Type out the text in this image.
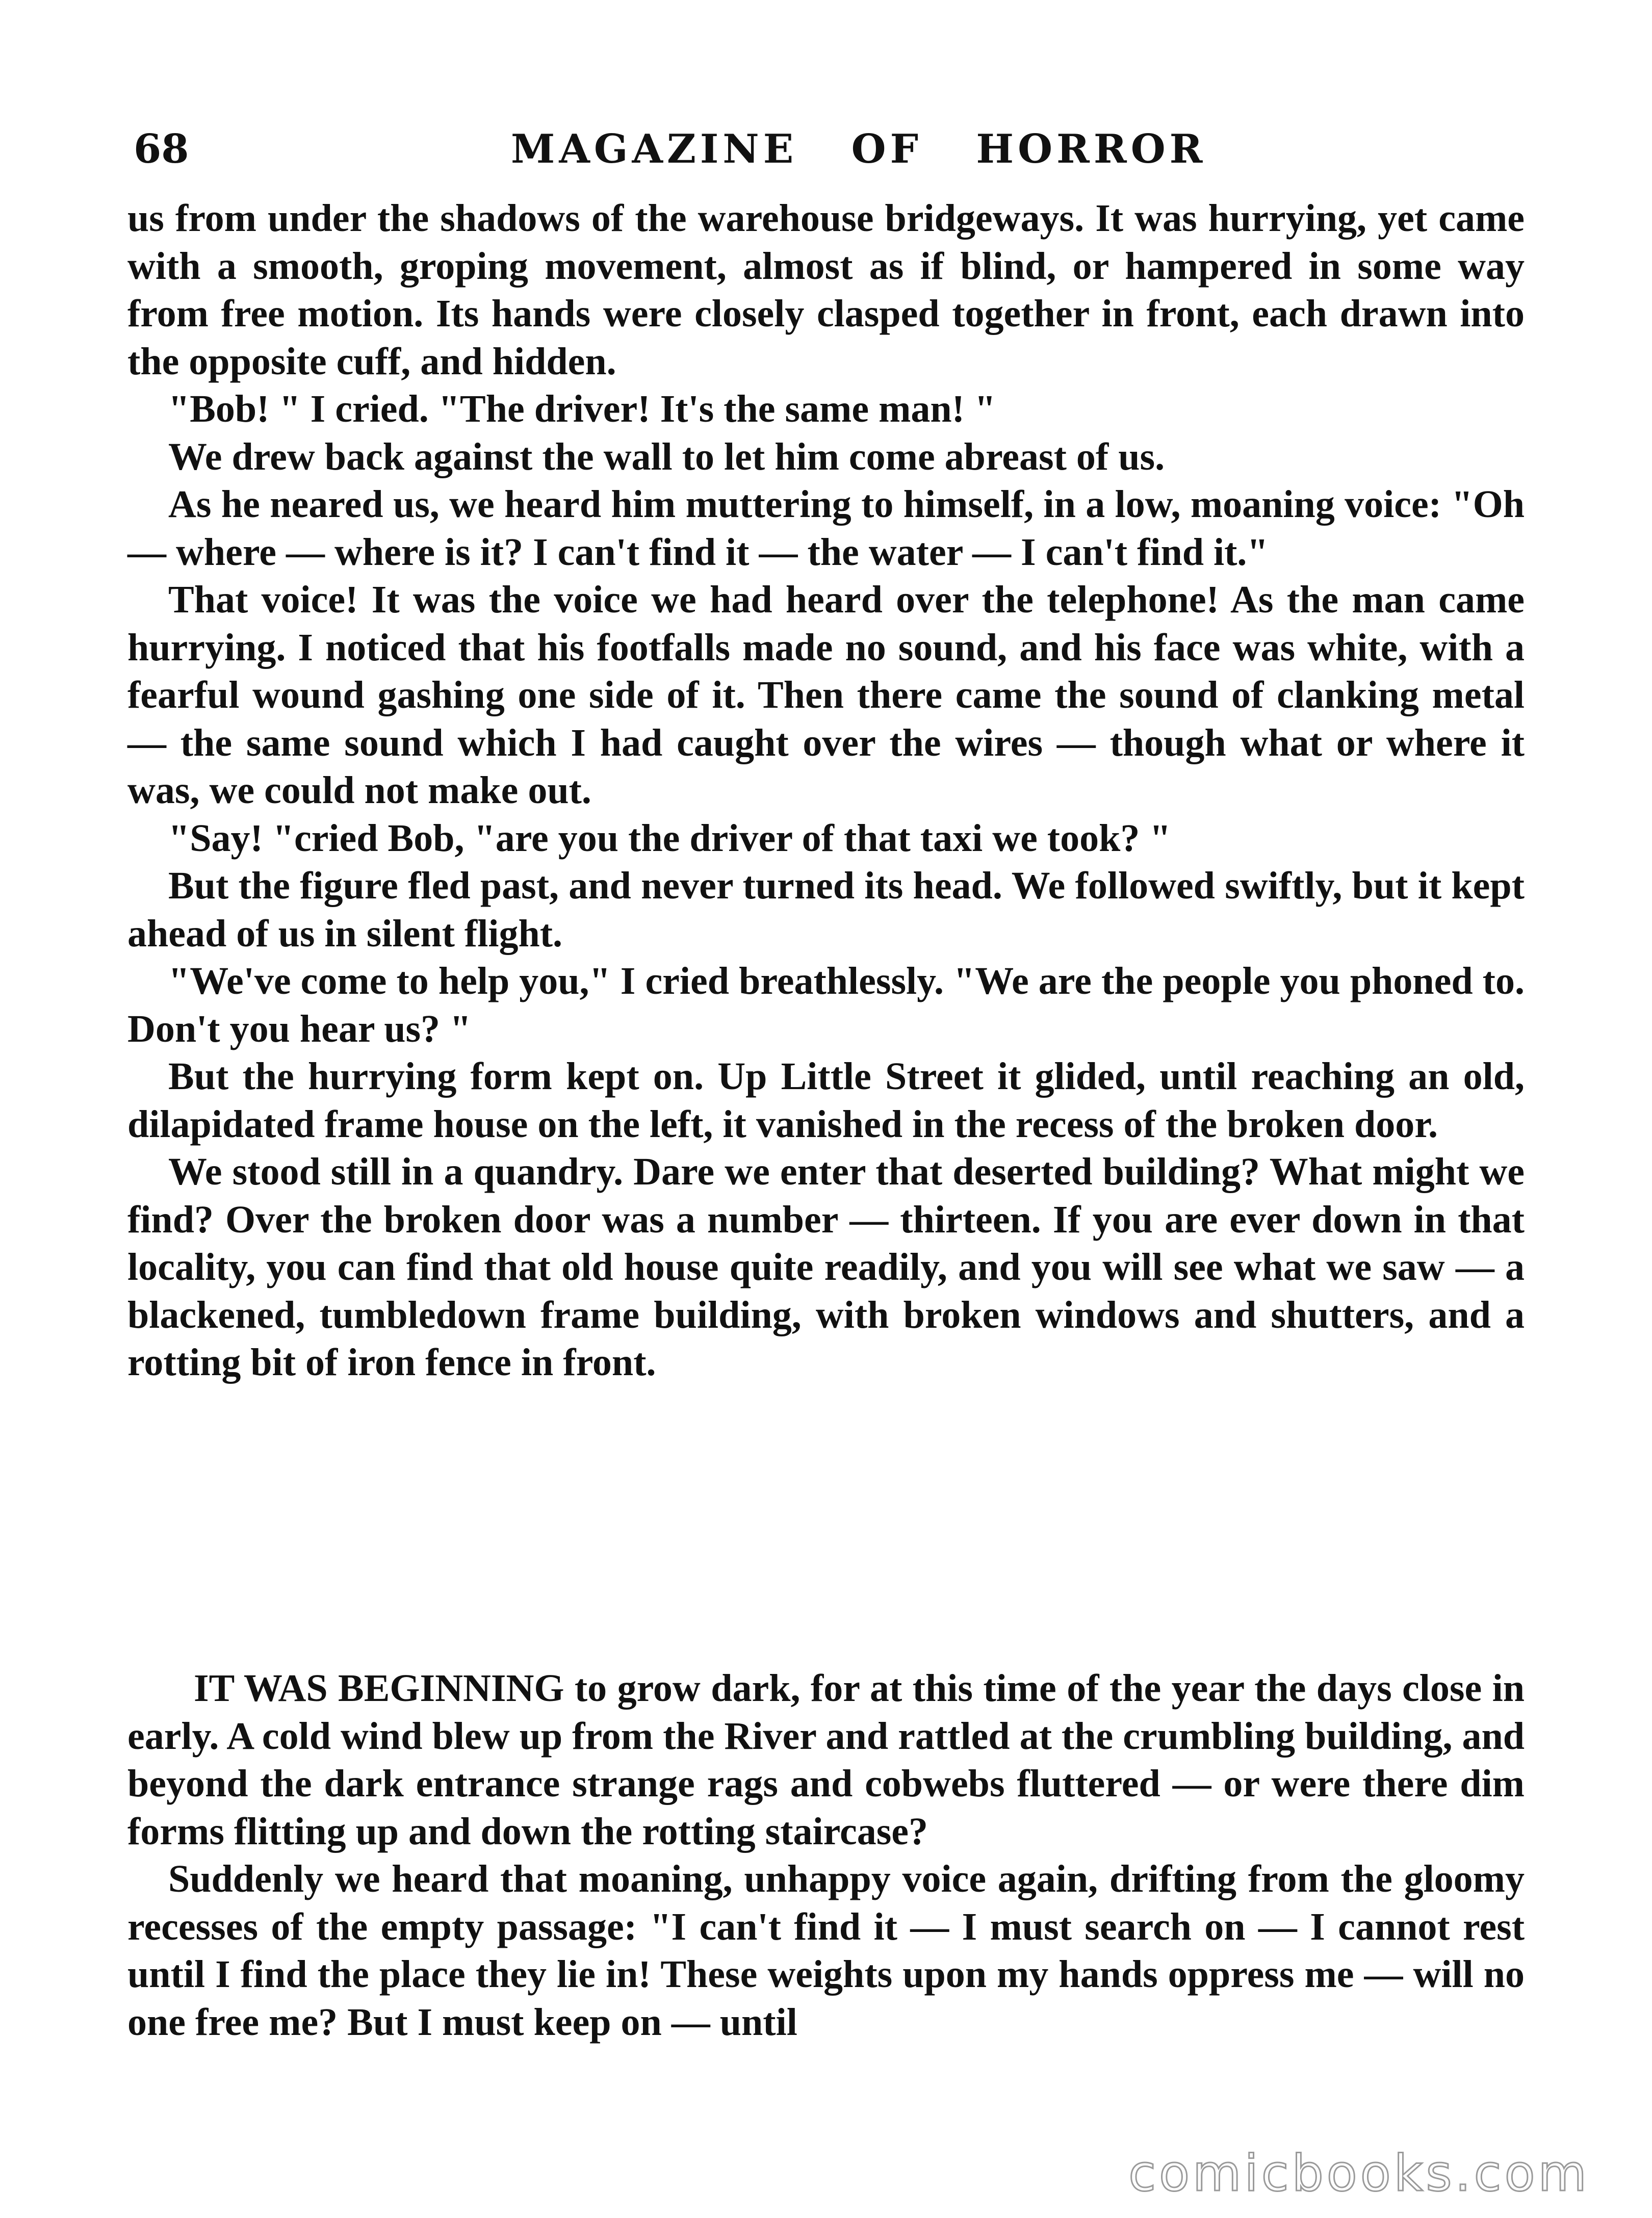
68	MAGAZINE   OF   HORROR

us from under the shadows of the warehouse bridgeways. It was hurrying, yet came with a smooth, groping movement, almost as if blind, or hampered in some way from free motion. Its hands were closely clasped together in front, each drawn into the opposite cuff, and hidden.

"Bob! " I cried. "The driver! It's the same man! "

We drew back against the wall to let him come abreast of us.

As he neared us, we heard him muttering to himself, in a low, moaning voice: "Oh — where — where is it? I can't find it — the water — I can't find it."

That voice! It was the voice we had heard over the telephone! As the man came hurrying. I noticed that his footfalls made no sound, and his face was white, with a fearful wound gashing one side of it. Then there came the sound of clanking metal — the same sound which I had caught over the wires — though what or where it was, we could not make out.

"Say! "cried Bob, "are you the driver of that taxi we took? "

But the figure fled past, and never turned its head. We followed swiftly, but it kept ahead of us in silent flight.

"We've come to help you," I cried breathlessly. "We are the people you phoned to. Don't you hear us? "

But the hurrying form kept on. Up Little Street it glided, until reaching an old, dilapidated frame house on the left, it vanished in the recess of the broken door.

We stood still in a quandry. Dare we enter that deserted building? What might we find? Over the broken door was a number — thirteen. If you are ever down in that locality, you can find that old house quite readily, and you will see what we saw — a blackened, tumbledown frame building, with broken windows and shutters, and a rotting bit of iron fence in front.

IT WAS BEGINNING to grow dark, for at this time of the year the days close in early. A cold wind blew up from the River and rattled at the crumbling building, and beyond the dark entrance strange rags and cobwebs fluttered — or were there dim forms flitting up and down the rotting staircase?

Suddenly we heard that moaning, unhappy voice again, drifting from the gloomy recesses of the empty passage: "I can't find it — I must search on — I cannot rest until I find the place they lie in! These weights upon my hands oppress me — will no one free me? But I must keep on — until

comicbooks.com
